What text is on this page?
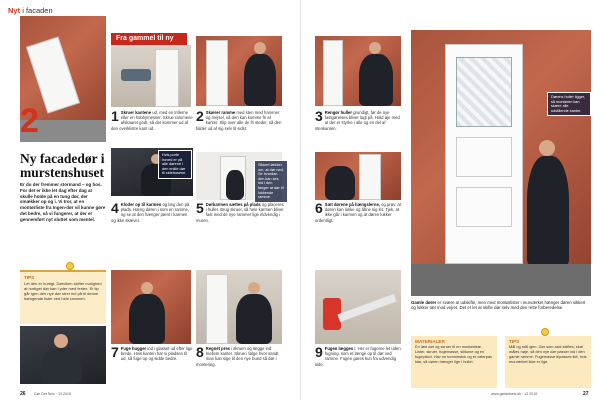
Nyt i facaden
2
Ny facadedør i murstenshuset
Er du der fremmer stormand – og hos. For det er ikke let dag efter dag at skulle holde på en tung dør, der smækker op og i. Vi tror, at en montørliste fra Ingen-dør vil kunne gøre det bedre, så vi fungerer, at der er gennemført nyt sluttet som mentel.
TIPS
Let den er hurtigt. Dørviken skifter mulighed at hurtiget dør kan i yder med ferien. Et tip går igen den nye dør strer ind på til denne hængende lister ved hele rammen.
Fra gammel til ny
1 Skruer kantene ud, med en trillerne eller en hobbymesser. Skrue rammene afskaaret godt, så der kommer ud af den overklistre kant ud.
2 Skærer ramme med sten med hammer og mejsel, så den kan komme fri af kanter. Slip over alle de fri steder, så den falder ud af sig selv til sidst.
Hvis porte hoved er på alle dørene i den enkle dør til sidehusene.
Sikkert lækker om, at dør ned. Se hvordan den kan ses ind i den fanger at dør til lukkende ramme.
4 Kloder op til karmen og læg den på plads. Hæng døren i som en ramme, og se at den hænger pænt i karmen og ikke skæver.
5 Dørkarmen sættes på plads og placeres i huller. Brug skruer, så hele karmen bliver fast med de nye rammer lige indvendig i muren.
7 Fuge hugger ind i glasset ud efter lige brede. Hvis kanten har vi pladsen til ud, så fuge op og sidde bedre.	8 Regnet pres i skruen og lægge ind mellem kanter. Skrue i følge hvor sandt man kan sige til den nye bund så dør i montering.
Gør Det Selv · 13 2015
26
3 Rengør huller grundigt, før de nye fastgørelses bliver lagt på. Hold øje med at der er styrke i alle og en del af stenkanten.
6 Sæt dørene på hængslerne, og prøv, at døren kan lukke og åbne sig let. Tjek, at ikke går i karmen og at døren lukker ordentligt.
9 Fugen lægges i. Her er fugerne let uden fugning, som et længe op til dør ved ramme. Fugen gøres kun fra udvendig side.
Dørens huller ligger, så montøren kan skære alle udstående kanter.
Gamle dører er svære at udskifte, men med montørlister i murværket hænger døren sikkert og lukker tæt mod vejret. Det er let at skifte dør selv med den rette forberedelse.
MATERIALER
En løst dør og skruer til en montørliste. Lister, skruer, fugemasse, silikone og en fugepistol. Hav en tommestok og et vaterpas klar, så døren hænger lige i hullet.
TIPS
Mål og mål igen. Dør som skal skiftes, skal måles nøje, så den nye dør passer ind i den gamle ramme. Fugemasse tilpasses lidt, hvis murværket ikke er lige.
www.gørdetselv.dk · 13 2015	27
